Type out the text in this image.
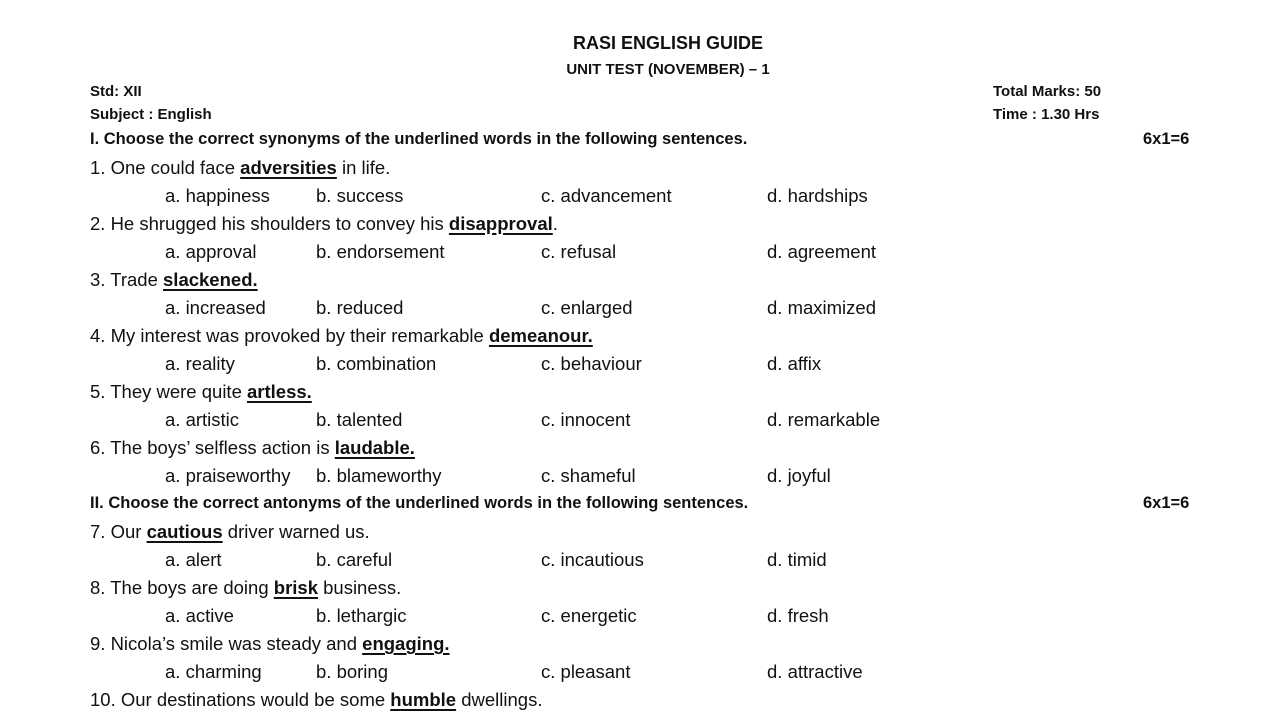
RASI ENGLISH GUIDE
UNIT TEST (NOVEMBER) – 1
Std: XII
Subject : English
Total Marks: 50
Time : 1.30 Hrs
I. Choose the correct synonyms of the underlined words in the following sentences.	6x1=6
1. One could face adversities in life.
a. happiness b. success	c. advancement	d. hardships
2. He shrugged his shoulders to convey his disapproval.
a. approval	b. endorsement	c. refusal	d. agreement
3. Trade slackened.
a. increased	b. reduced	c. enlarged	d. maximized
4. My interest was provoked by their remarkable demeanour.
a. reality	b. combination	c. behaviour	d. affix
5. They were quite artless.
a. artistic	b. talented	c. innocent	d. remarkable
6. The boys’ selfless action is laudable.
a. praiseworthy b. blameworthy	c. shameful	d. joyful
II. Choose the correct antonyms of the underlined words in the following sentences.	6x1=6
7. Our cautious driver warned us.
a. alert	b. careful	c. incautious	d. timid
8. The boys are doing brisk business.
a. active	b. lethargic	c. energetic	d. fresh
9. Nicola’s smile was steady and engaging.
a. charming	b. boring	c. pleasant	d. attractive
10. Our destinations would be some humble dwellings.
